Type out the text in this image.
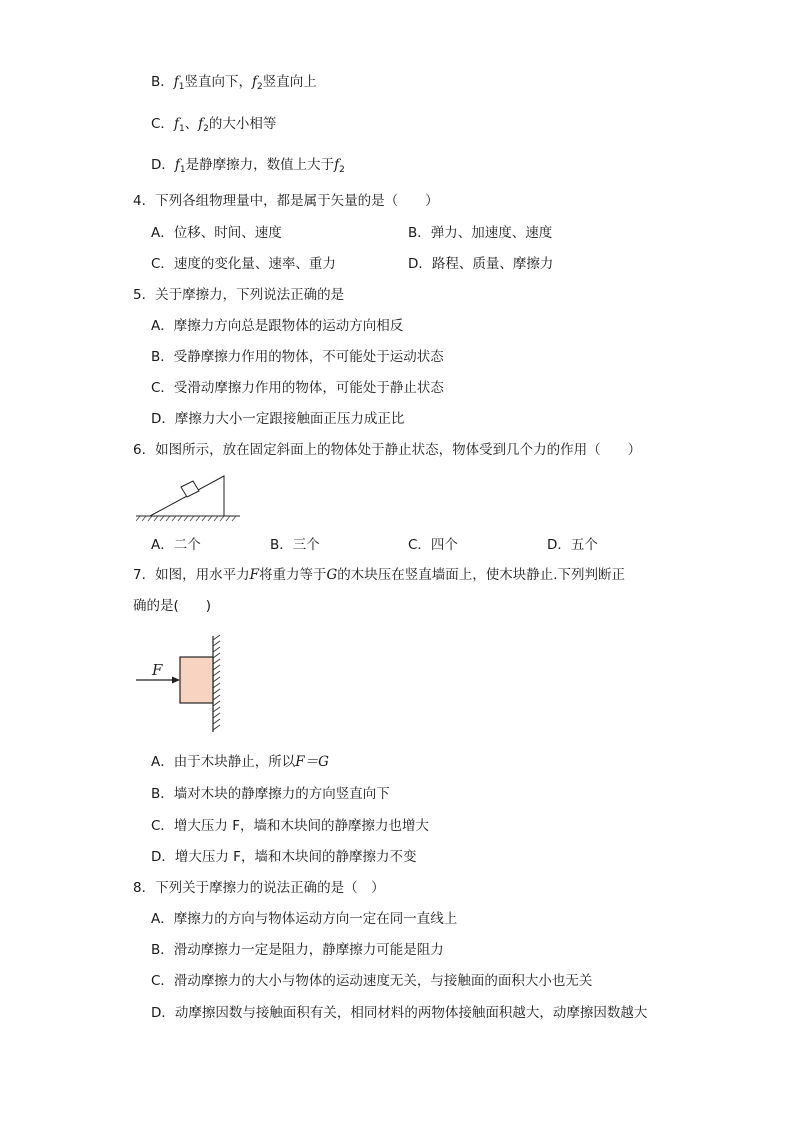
B．$f_1$竖直向下，$f_2$竖直向上
C．$f_1$、$f_2$的大小相等
D．$f_1$是静摩擦力，数值上大于$f_2$
4．下列各组物理量中，都是属于矢量的是（　　）
A．位移、时间、速度	B．弹力、加速度、速度
C．速度的变化量、速率、重力	D．路程、质量、摩擦力
5．关于摩擦力，下列说法正确的是
A．摩擦力方向总是跟物体的运动方向相反
B．受静摩擦力作用的物体，不可能处于运动状态
C．受滑动摩擦力作用的物体，可能处于静止状态
D．摩擦力大小一定跟接触面正压力成正比
6．如图所示，放在固定斜面上的物体处于静止状态，物体受到几个力的作用（　　）
A．二个	B．三个	C．四个	D．五个
7．如图，用水平力F将重力等于G的木块压在竖直墙面上，使木块静止.下列判断正
确的是(　　)
F
A．由于木块静止，所以F＝G
B．墙对木块的静摩擦力的方向竖直向下
C．增大压力 F，墙和木块间的静摩擦力也增大
D．增大压力 F，墙和木块间的静摩擦力不变
8．下列关于摩擦力的说法正确的是（　）
A．摩擦力的方向与物体运动方向一定在同一直线上
B．滑动摩擦力一定是阻力，静摩擦力可能是阻力
C．滑动摩擦力的大小与物体的运动速度无关，与接触面的面积大小也无关
D．动摩擦因数与接触面积有关，相同材料的两物体接触面积越大，动摩擦因数越大
